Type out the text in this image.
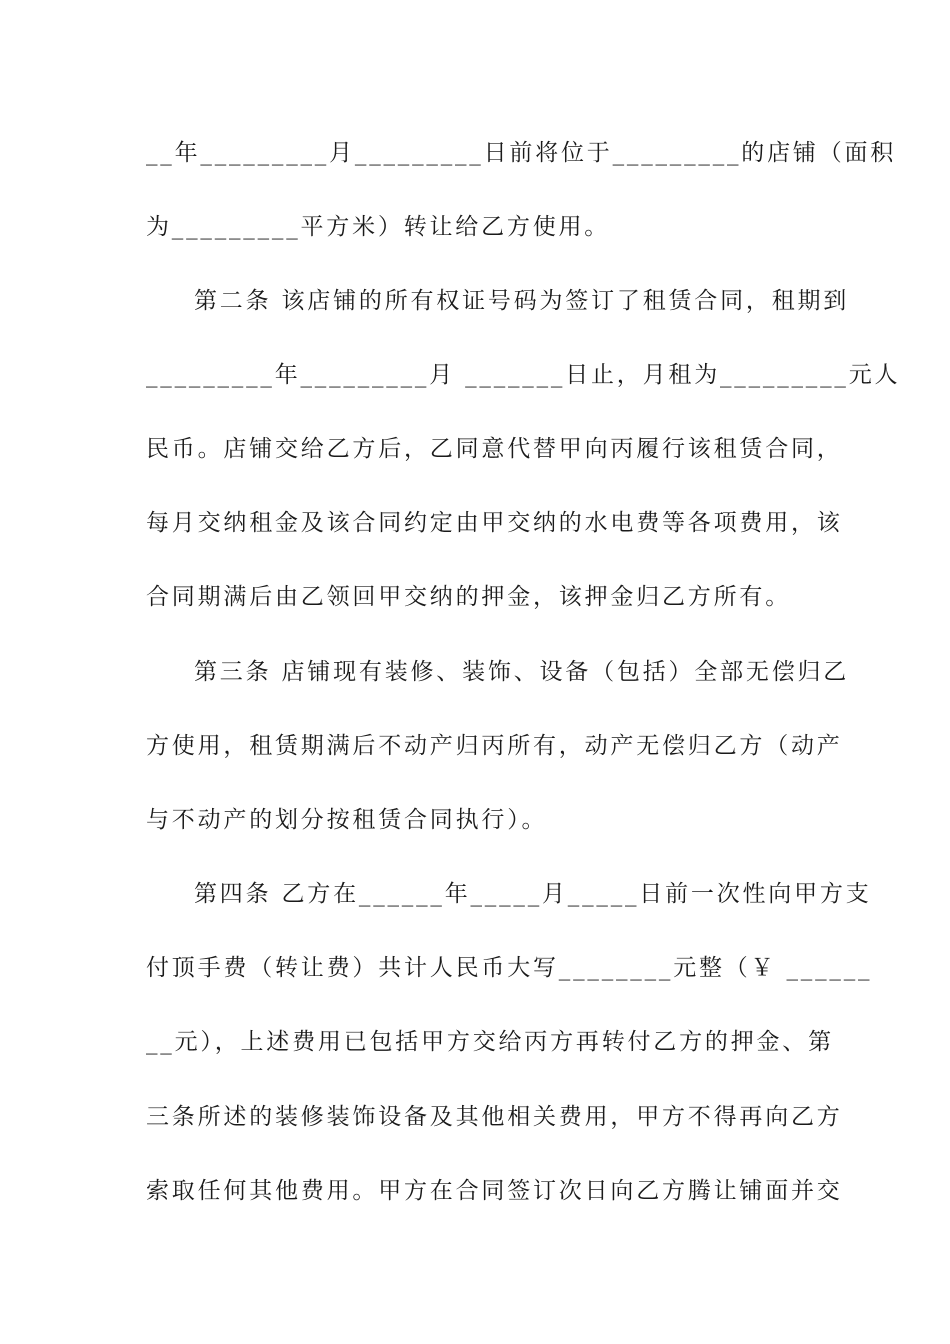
__年_________月_________日前将位于_________的店铺（面积
为_________平方米）转让给乙方使用。
第二条 该店铺的所有权证号码为签订了租赁合同，租期到
_________年_________月 _______日止，月租为_________元人
民币。店铺交给乙方后，乙同意代替甲向丙履行该租赁合同，
每月交纳租金及该合同约定由甲交纳的水电费等各项费用，该
合同期满后由乙领回甲交纳的押金，该押金归乙方所有。
第三条 店铺现有装修、装饰、设备（包括）全部无偿归乙
方使用，租赁期满后不动产归丙所有，动产无偿归乙方（动产
与不动产的划分按租赁合同执行）。
第四条 乙方在______年_____月_____日前一次性向甲方支
付顶手费（转让费）共计人民币大写________元整（￥ ______
__元），上述费用已包括甲方交给丙方再转付乙方的押金、第
三条所述的装修装饰设备及其他相关费用，甲方不得再向乙方
索取任何其他费用。甲方在合同签订次日向乙方腾让铺面并交
